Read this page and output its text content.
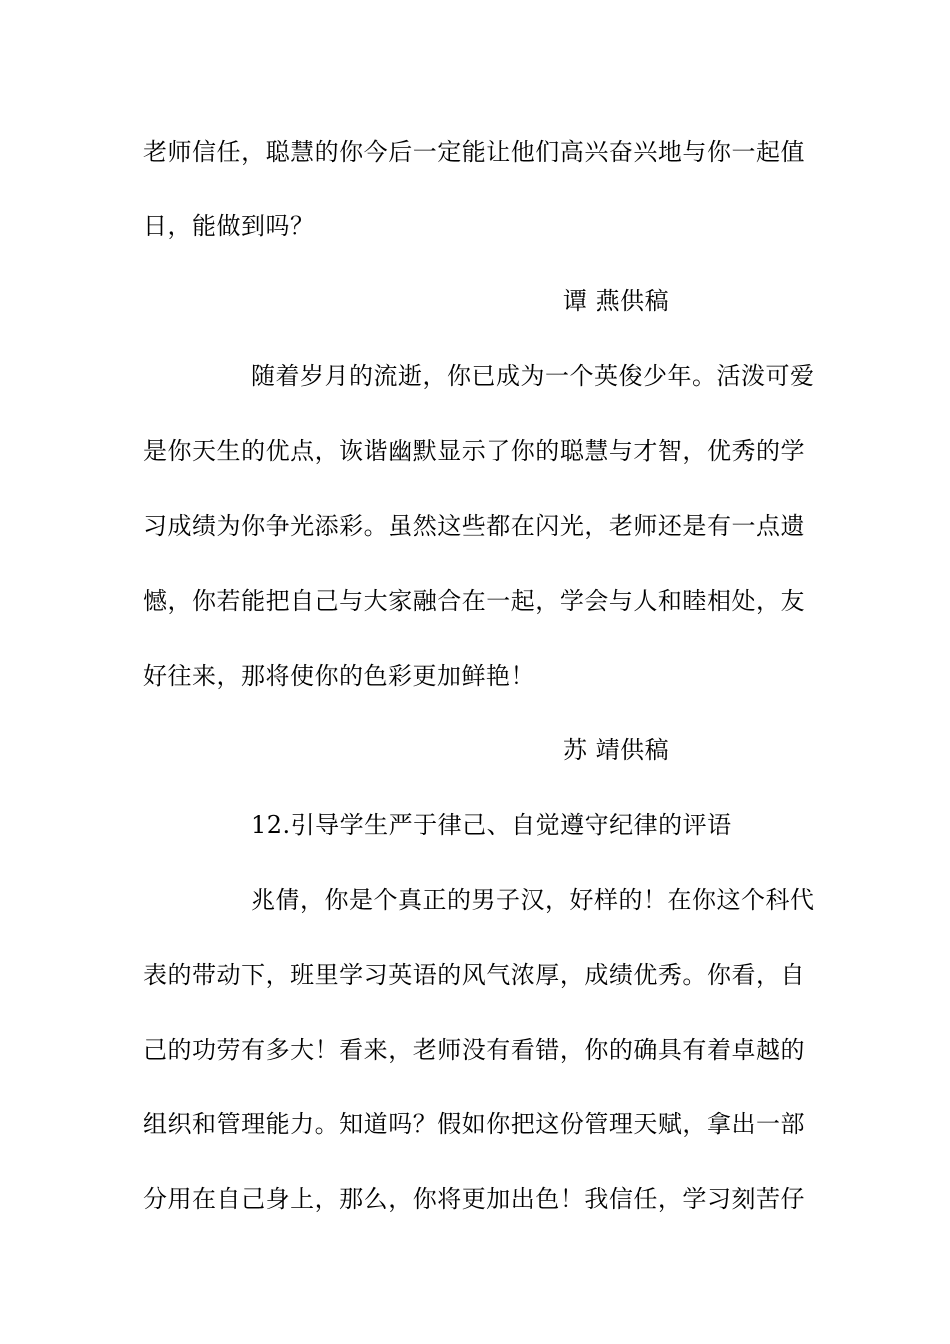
老师信任，聪慧的你今后一定能让他们高兴奋兴地与你一起值
日，能做到吗？
谭 燕供稿
随着岁月的流逝，你已成为一个英俊少年。活泼可爱
是你天生的优点，诙谐幽默显示了你的聪慧与才智，优秀的学
习成绩为你争光添彩。虽然这些都在闪光，老师还是有一点遗
憾，你若能把自己与大家融合在一起，学会与人和睦相处，友
好往来，那将使你的色彩更加鲜艳！
苏 靖供稿
12.引导学生严于律己、自觉遵守纪律的评语
兆倩，你是个真正的男子汉，好样的！在你这个科代
表的带动下，班里学习英语的风气浓厚，成绩优秀。你看，自
己的功劳有多大！看来，老师没有看错，你的确具有着卓越的
组织和管理能力。知道吗？假如你把这份管理天赋，拿出一部
分用在自己身上，那么，你将更加出色！我信任，学习刻苦仔
